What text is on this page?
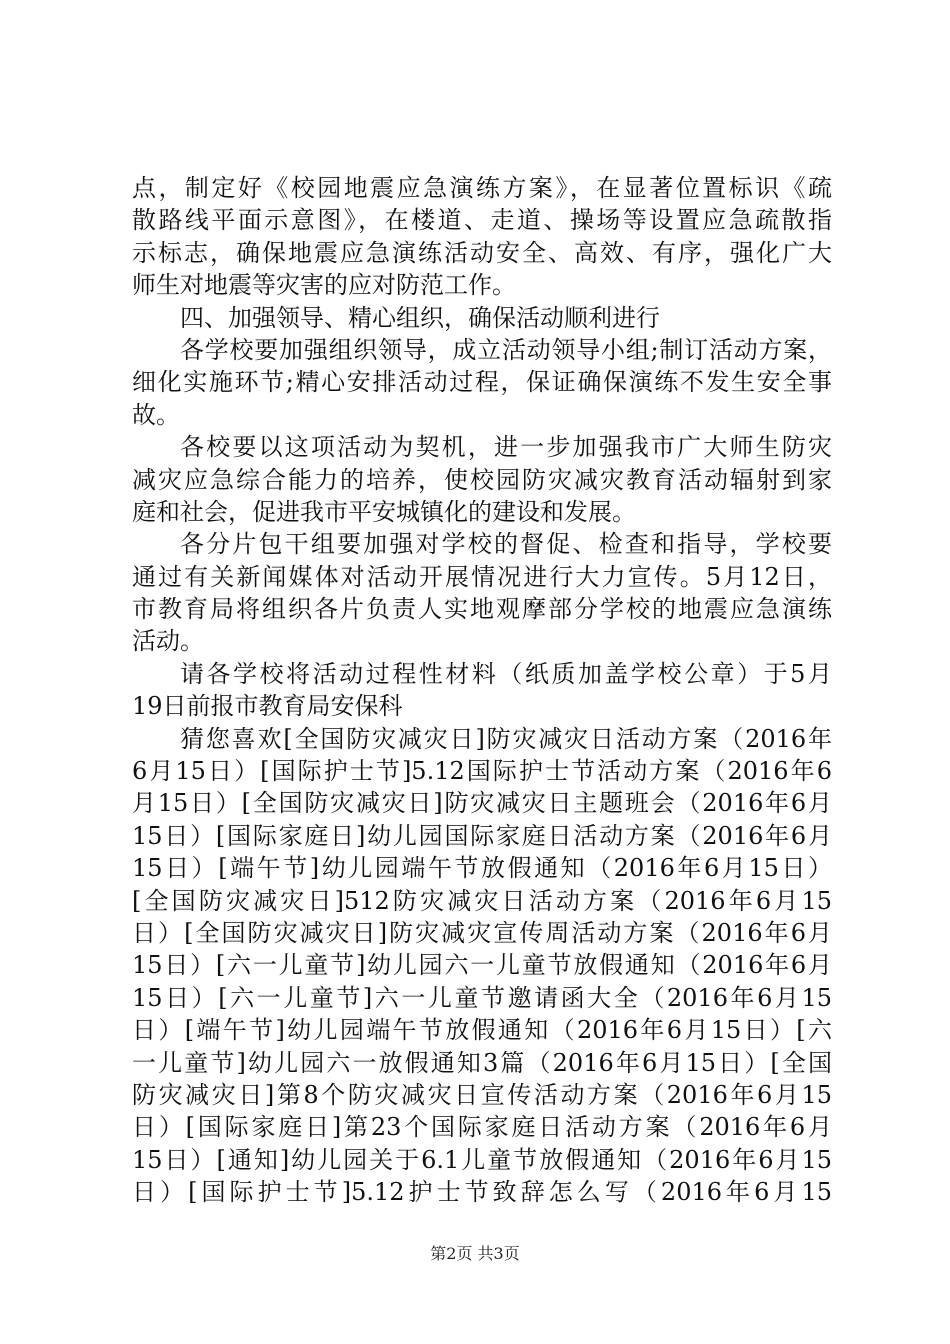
点，制定好《校园地震应急演练方案》，在显著位置标识《疏
散路线平面示意图》，在楼道、走道、操场等设置应急疏散指
示标志，确保地震应急演练活动安全、高效、有序，强化广大
师生对地震等灾害的应对防范工作。
四、加强领导、精心组织，确保活动顺利进行
各学校要加强组织领导，成立活动领导小组;制订活动方案，
细化实施环节;精心安排活动过程，保证确保演练不发生安全事
故。
各校要以这项活动为契机，进一步加强我市广大师生防灾
减灾应急综合能力的培养，使校园防灾减灾教育活动辐射到家
庭和社会，促进我市平安城镇化的建设和发展。
各分片包干组要加强对学校的督促、检查和指导，学校要
通过有关新闻媒体对活动开展情况进行大力宣传。5月12日，
市教育局将组织各片负责人实地观摩部分学校的地震应急演练
活动。
请各学校将活动过程性材料（纸质加盖学校公章）于5月
19日前报市教育局安保科
猜您喜欢[全国防灾减灾日]防灾减灾日活动方案（2016年
6月15日）[国际护士节]5.12国际护士节活动方案（2016年6
月15日）[全国防灾减灾日]防灾减灾日主题班会（2016年6月
15日）[国际家庭日]幼儿园国际家庭日活动方案（2016年6月
15日）[端午节]幼儿园端午节放假通知（2016年6月15日）
[全国防灾减灾日]512防灾减灾日活动方案（2016年6月15
日）[全国防灾减灾日]防灾减灾宣传周活动方案（2016年6月
15日）[六一儿童节]幼儿园六一儿童节放假通知（2016年6月
15日）[六一儿童节]六一儿童节邀请函大全（2016年6月15
日）[端午节]幼儿园端午节放假通知（2016年6月15日）[六
一儿童节]幼儿园六一放假通知3篇（2016年6月15日）[全国
防灾减灾日]第8个防灾减灾日宣传活动方案（2016年6月15
日）[国际家庭日]第23个国际家庭日活动方案（2016年6月
15日）[通知]幼儿园关于6.1儿童节放假通知（2016年6月15
日）[国际护士节]5.12护士节致辞怎么写（2016年6月15
第2页 共3页
